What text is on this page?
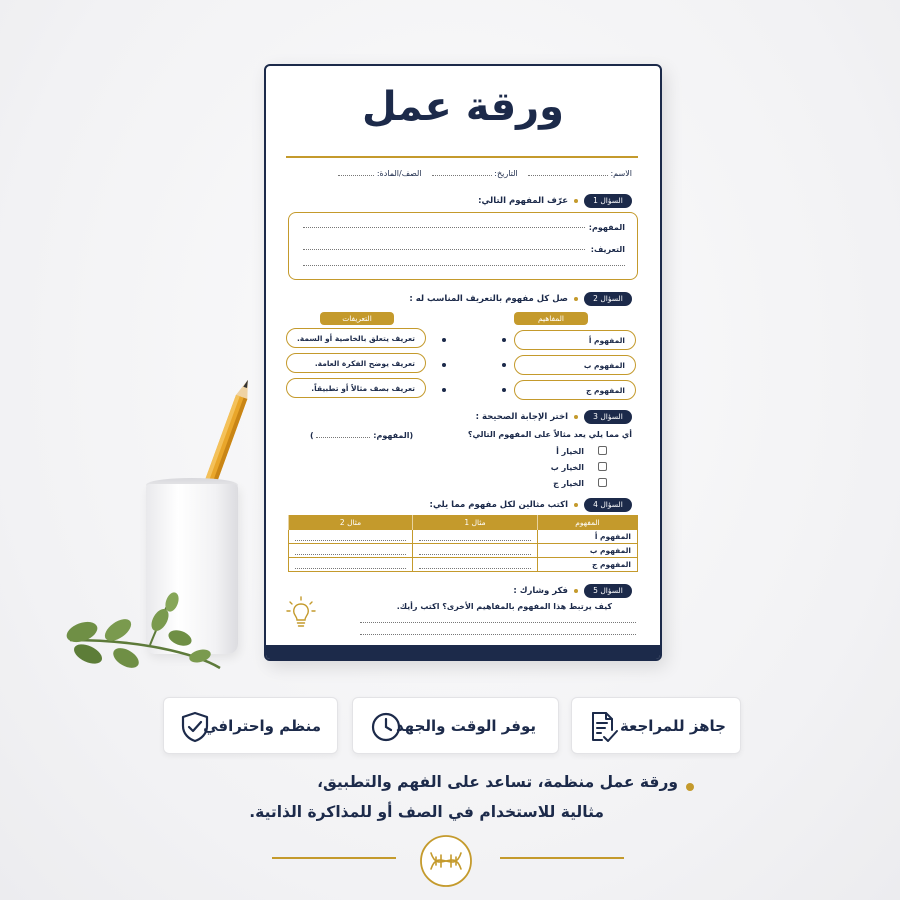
ورقة عمل
الاسم:     التاريخ:     الصف/المادة:
السؤال 1
عرّف المفهوم التالي:
المفهوم:
التعريف:
السؤال 2
صل كل مفهوم بالتعريف المناسب له :
المفاهيم
التعريفات
المفهوم أ
المفهوم ب
المفهوم ج
تعريف يتعلق بالخاصية أو السمة.
تعريف يوضح الفكرة العامة.
تعريف بصف مثالاً أو تطبيقاً.
السؤال 3
اختر الإجابة الصحيحة :
أي مما يلي يعد مثالاً على المفهوم التالي؟
(المفهوم:  )
الخيار أ
الخيار ب
الخيار ج
السؤال 4
اكتب مثالين لكل مفهوم مما يلي:
المفهوم	مثال 1	مثال 2
المفهوم أ	

المفهوم ب	

المفهوم ج	

السؤال 5
فكر وشارك :
كيف يرتبط هذا المفهوم بالمفاهيم الأخرى؟ اكتب رأيك.
جاهز للمراجعة
يوفر الوقت والجهد
منظم واحترافي
ورقة عمل منظمة، تساعد على الفهم والتطبيق،
مثالية للاستخدام في الصف أو للمذاكرة الذاتية.
